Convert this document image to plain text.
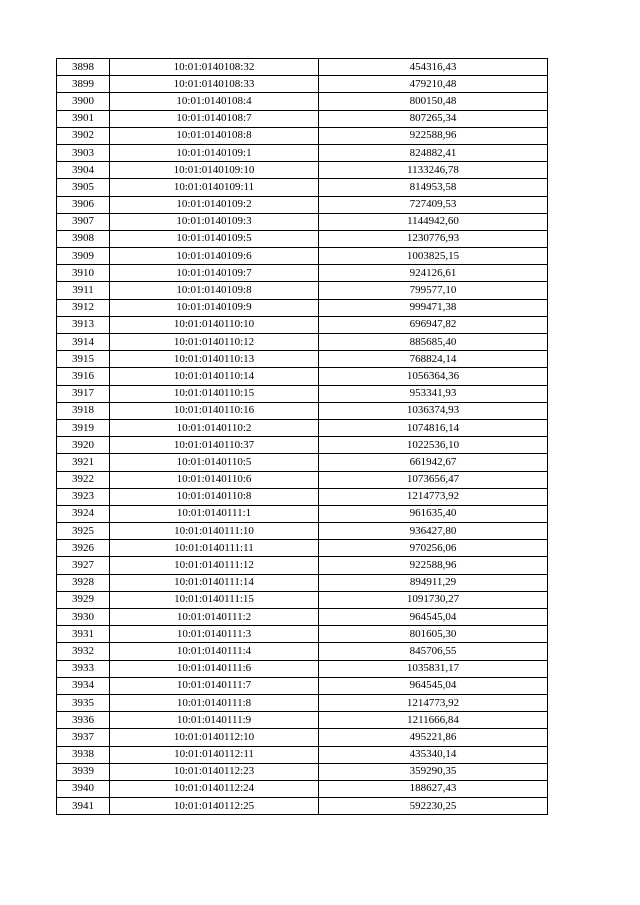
3898	10:01:0140108:32	454316,43
3899	10:01:0140108:33	479210,48
3900	10:01:0140108:4	800150,48
3901	10:01:0140108:7	807265,34
3902	10:01:0140108:8	922588,96
3903	10:01:0140109:1	824882,41
3904	10:01:0140109:10	1133246,78
3905	10:01:0140109:11	814953,58
3906	10:01:0140109:2	727409,53
3907	10:01:0140109:3	1144942,60
3908	10:01:0140109:5	1230776,93
3909	10:01:0140109:6	1003825,15
3910	10:01:0140109:7	924126,61
3911	10:01:0140109:8	799577,10
3912	10:01:0140109:9	999471,38
3913	10:01:0140110:10	696947,82
3914	10:01:0140110:12	885685,40
3915	10:01:0140110:13	768824,14
3916	10:01:0140110:14	1056364,36
3917	10:01:0140110:15	953341,93
3918	10:01:0140110:16	1036374,93
3919	10:01:0140110:2	1074816,14
3920	10:01:0140110:37	1022536,10
3921	10:01:0140110:5	661942,67
3922	10:01:0140110:6	1073656,47
3923	10:01:0140110:8	1214773,92
3924	10:01:0140111:1	961635,40
3925	10:01:0140111:10	936427,80
3926	10:01:0140111:11	970256,06
3927	10:01:0140111:12	922588,96
3928	10:01:0140111:14	894911,29
3929	10:01:0140111:15	1091730,27
3930	10:01:0140111:2	964545,04
3931	10:01:0140111:3	801605,30
3932	10:01:0140111:4	845706,55
3933	10:01:0140111:6	1035831,17
3934	10:01:0140111:7	964545,04
3935	10:01:0140111:8	1214773,92
3936	10:01:0140111:9	1211666,84
3937	10:01:0140112:10	495221,86
3938	10:01:0140112:11	435340,14
3939	10:01:0140112:23	359290,35
3940	10:01:0140112:24	188627,43
3941	10:01:0140112:25	592230,25
